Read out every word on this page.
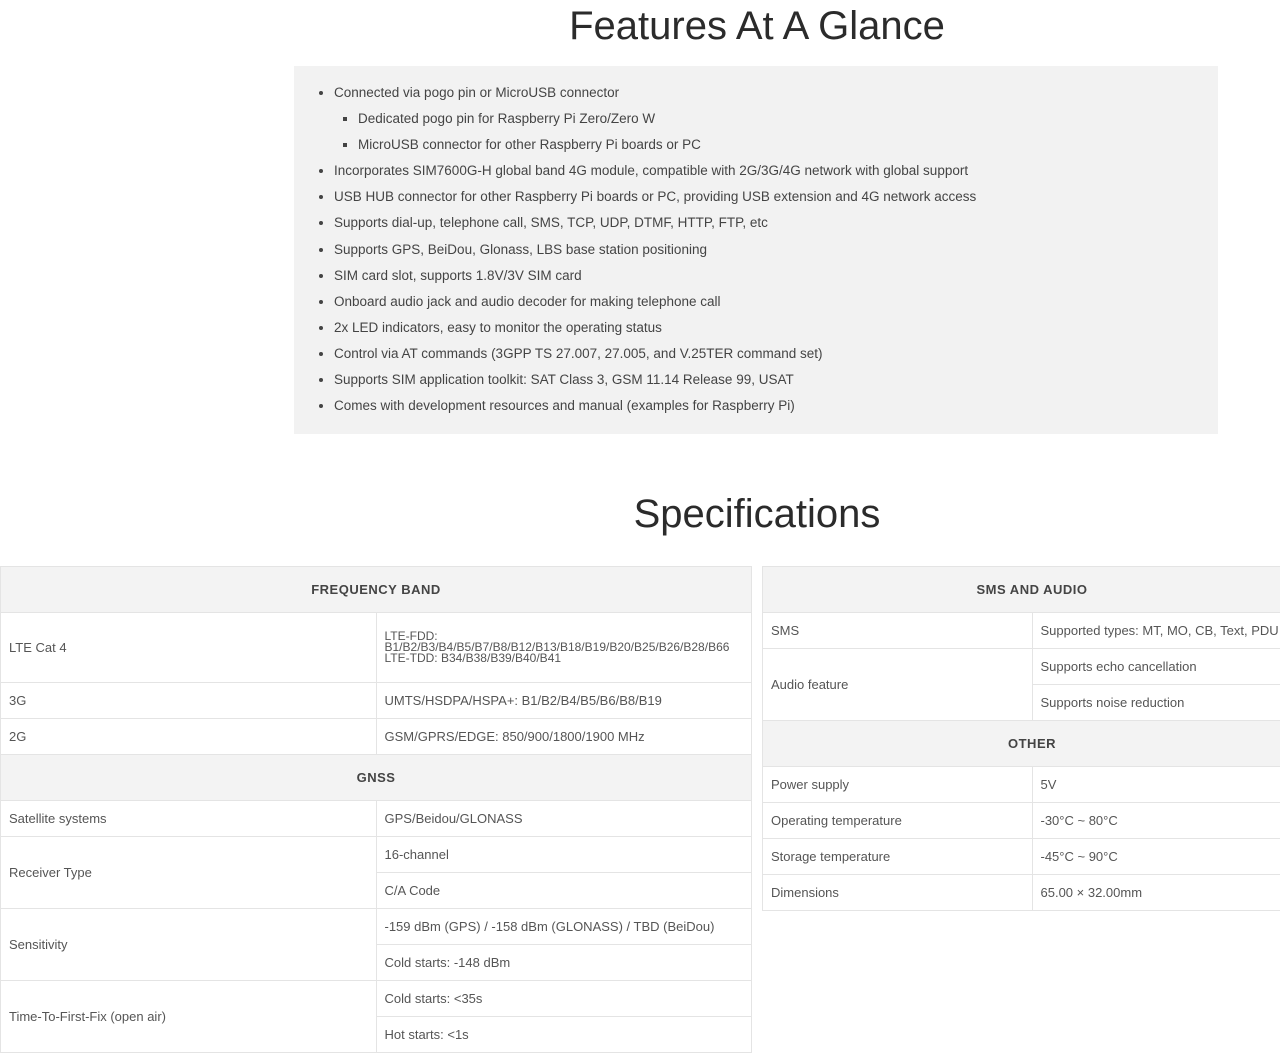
Features At A Glance
• Connected via pogo pin or MicroUSB connector
▪ Dedicated pogo pin for Raspberry Pi Zero/Zero W
▪ MicroUSB connector for other Raspberry Pi boards or PC
• Incorporates SIM7600G-H global band 4G module, compatible with 2G/3G/4G network with global support
• USB HUB connector for other Raspberry Pi boards or PC, providing USB extension and 4G network access
• Supports dial-up, telephone call, SMS, TCP, UDP, DTMF, HTTP, FTP, etc
• Supports GPS, BeiDou, Glonass, LBS base station positioning
• SIM card slot, supports 1.8V/3V SIM card
• Onboard audio jack and audio decoder for making telephone call
• 2x LED indicators, easy to monitor the operating status
• Control via AT commands (3GPP TS 27.007, 27.005, and V.25TER command set)
• Supports SIM application toolkit: SAT Class 3, GSM 11.14 Release 99, USAT
• Comes with development resources and manual (examples for Raspberry Pi)
Specifications
FREQUENCY BAND	
LTE Cat 4	LTE-FDD:
B1/B2/B3/B4/B5/B7/B8/B12/B13/B18/B19/B20/B25/B26/B28/B66
LTE-TDD: B34/B38/B39/B40/B41

3G	UMTS/HSDPA/HSPA+: B1/B2/B4/B5/B6/B8/B19
2G	GSM/GPRS/EDGE: 850/900/1800/1900 MHz
GNSS	
Satellite systems	GPS/Beidou/GLONASS
Receiver Type	16-channel
	C/A Code
Sensitivity	-159 dBm (GPS) / -158 dBm (GLONASS) / TBD (BeiDou)
	Cold starts: -148 dBm
Time-To-First-Fix (open air)	Cold starts: <35s
	Hot starts: <1s
SMS AND AUDIO	
SMS	Supported types: MT, MO, CB, Text, PDU
Audio feature	Supports echo cancellation
	Supports noise reduction
OTHER	
Power supply	5V
Operating temperature	-30°C ~ 80°C
Storage temperature	-45°C ~ 90°C
Dimensions	65.00 × 32.00mm
